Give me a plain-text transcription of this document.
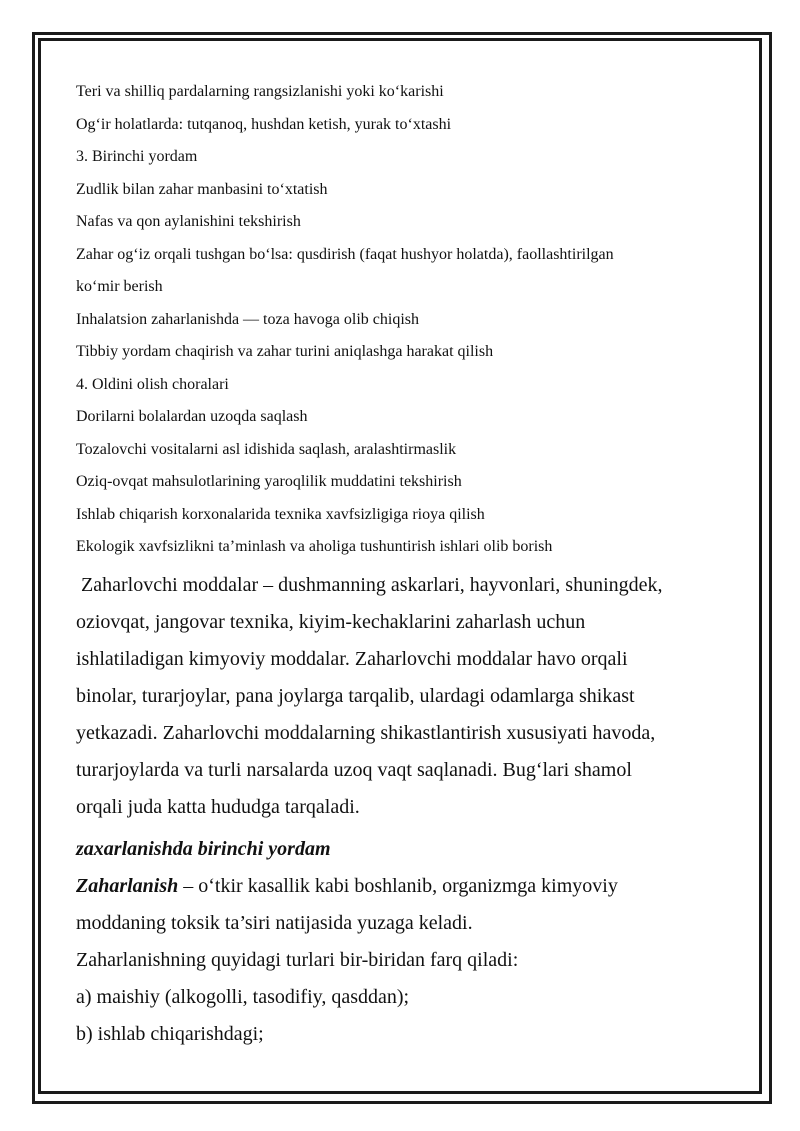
Teri va shilliq pardalarning rangsizlanishi yoki ko‘karishi

Og‘ir holatlarda: tutqanoq, hushdan ketish, yurak to‘xtashi

3. Birinchi yordam

Zudlik bilan zahar manbasini to‘xtatish

Nafas va qon aylanishini tekshirish

Zahar og‘iz orqali tushgan bo‘lsa: qusdirish (faqat hushyor holatda), faollashtirilgan

ko‘mir berish

Inhalatsion zaharlanishda — toza havoga olib chiqish

Tibbiy yordam chaqirish va zahar turini aniqlashga harakat qilish

4. Oldini olish choralari

Dorilarni bolalardan uzoqda saqlash

Tozalovchi vositalarni asl idishida saqlash, aralashtirmaslik

Oziq-ovqat mahsulotlarining yaroqlilik muddatini tekshirish

Ishlab chiqarish korxonalarida texnika xavfsizligiga rioya qilish

Ekologik xavfsizlikni ta’minlash va aholiga tushuntirish ishlari olib borish

Zaharlovchi moddalar – dushmanning askarlari, hayvonlari, shuningdek,

oziovqat, jangovar texnika, kiyim-kechaklarini zaharlash uchun

ishlatiladigan kimyoviy moddalar. Zaharlovchi moddalar havo orqali

binolar, turarjoylar, pana joylarga tarqalib, ulardagi odamlarga shikast

yetkazadi. Zaharlovchi moddalarning shikastlantirish xususiyati havoda,

turarjoylarda va turli narsalarda uzoq vaqt saqlanadi. Bug‘lari shamol

orqali juda katta hududga tarqaladi.

zaxarlanishda birinchi yordam

Zaharlanish – o‘tkir kasallik kabi boshlanib, organizmga kimyoviy

moddaning toksik ta’siri natijasida yuzaga keladi.

Zaharlanishning quyidagi turlari bir-biridan farq qiladi:

a) maishiy (alkogolli, tasodifiy, qasddan);

b) ishlab chiqarishdagi;
